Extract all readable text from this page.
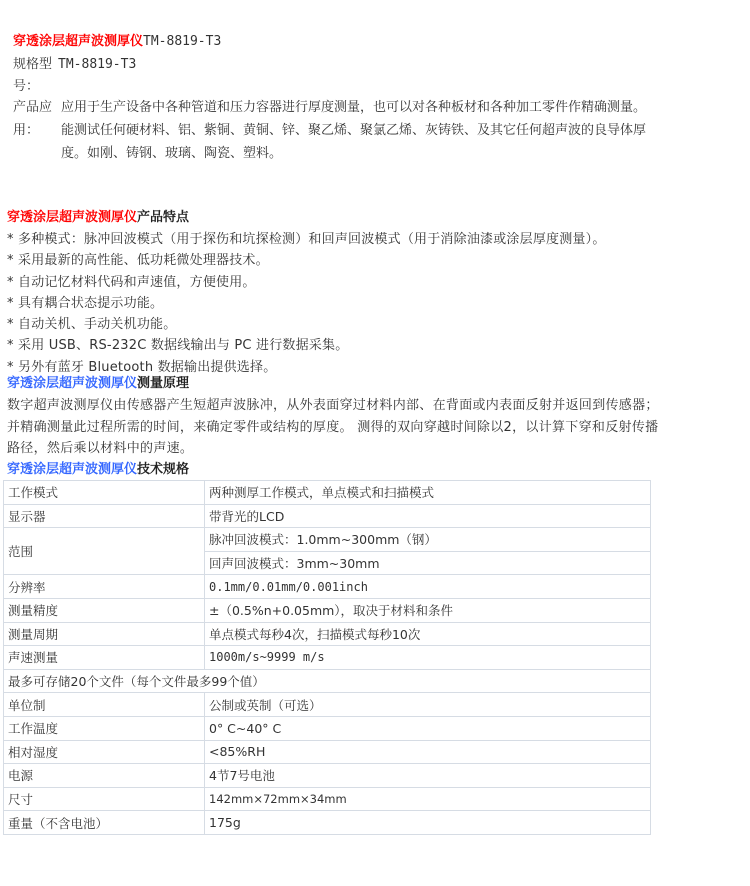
穿透涂层超声波测厚仪TM-8819-T3
规格型 TM-8819-T3
号：
产品应
用：
应用于生产设备中各种管道和压力容器进行厚度测量，也可以对各种板材和各种加工零件作精确测量。
能测试任何硬材料、铝、紫铜、黄铜、锌、聚乙烯、聚氯乙烯、灰铸铁、及其它任何超声波的良导体厚
度。如刚、铸钢、玻璃、陶瓷、塑料。
穿透涂层超声波测厚仪产品特点
* 多种模式：脉冲回波模式（用于探伤和坑探检测）和回声回波模式（用于消除油漆或涂层厚度测量）。
* 采用最新的高性能、低功耗微处理器技术。
* 自动记忆材料代码和声速值，方便使用。
* 具有耦合状态提示功能。
* 自动关机、手动关机功能。
* 采用 USB、RS-232C 数据线输出与 PC 进行数据采集。
* 另外有蓝牙 Bluetooth 数据输出提供选择。
穿透涂层超声波测厚仪测量原理

数字超声波测厚仪由传感器产生短超声波脉冲，从外表面穿过材料内部、在背面或内表面反射并返回到传感器；

并精确测量此过程所需的时间，来确定零件或结构的厚度。 测得的双向穿越时间除以2，以计算下穿和反射传播

路径，然后乘以材料中的声速。

穿透涂层超声波测厚仪技术规格
工作模式	两种测厚工作模式，单点模式和扫描模式
显示器	带背光的LCD
范围	脉冲回波模式：1.0mm~300mm（钢）
	回声回波模式：3mm~30mm
分辨率	0.1mm/0.01mm/0.001inch
测量精度	±（0.5%n+0.05mm），取决于材料和条件
测量周期	单点模式每秒4次，扫描模式每秒10次
声速测量	1000m/s~9999 m/s
最多可存储20个文件（每个文件最多99个值）	
单位制	公制或英制（可选）
工作温度	0° C~40° C
相对湿度	<85%RH
电源	4节7号电池
尺寸	142mm×72mm×34mm
重量（不含电池）	175g
